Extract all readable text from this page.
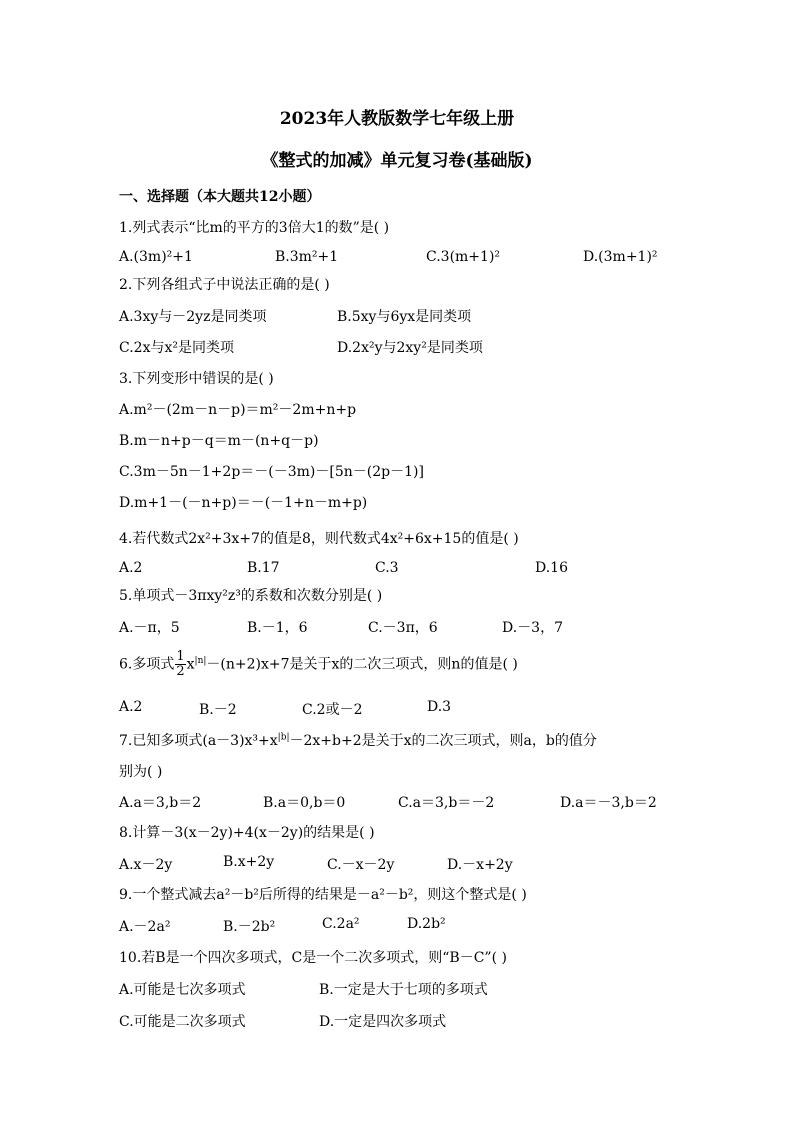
2023年人教版数学七年级上册
《整式的加减》单元复习卷(基础版)
一、选择题（本大题共12小题）
1.列式表示“比m的平方的3倍大1的数”是( )
A.(3m)²+1	B.3m²+1	C.3(m+1)²	D.(3m+1)²
2.下列各组式子中说法正确的是( )
A.3xy与－2yz是同类项	B.5xy与6yx是同类项
C.2x与x²是同类项	D.2x²y与2xy²是同类项
3.下列变形中错误的是( )
A.m²－(2m－n－p)＝m²－2m+n+p
B.m－n+p－q＝m－(n+q－p)
C.3m－5n－1+2p＝－(－3m)－[5n－(2p－1)]
D.m+1－(－n+p)＝－(－1+n－m+p)
4.若代数式2x²+3x+7的值是8，则代数式4x²+6x+15的值是( )
A.2	B.17	C.3	D.16
5.单项式－3πxy²z³的系数和次数分别是( )
A.－π，5	B.－1，6	C.－3π，6	D.－3，7
6.多项式 $\frac{1}{2} x^{|n|}-(n+2)x+7$是关于x的二次三项式，则n的值是( )
A.2	B.－2	C.2或－2	D.3
7.已知多项式$(a-3)x^3+x^{|b|}-2x+b+2$是关于x的二次三项式，则a，b的值分
别为( )
A.a＝3,b＝2	B.a＝0,b＝0	C.a＝3,b＝－2	D.a＝－3,b＝2
8.计算－3(x－2y)+4(x－2y)的结果是( )
A.x－2y	B.x+2y	C.－x－2y	D.－x+2y
9.一个整式减去a²－b²后所得的结果是－a²－b²，则这个整式是( )
A.－2a²	B.－2b²	C.2a²	D.2b²
10.若B是一个四次多项式，C是一个二次多项式，则“B－C”( )
A.可能是七次多项式	B.一定是大于七项的多项式
C.可能是二次多项式	D.一定是四次多项式
